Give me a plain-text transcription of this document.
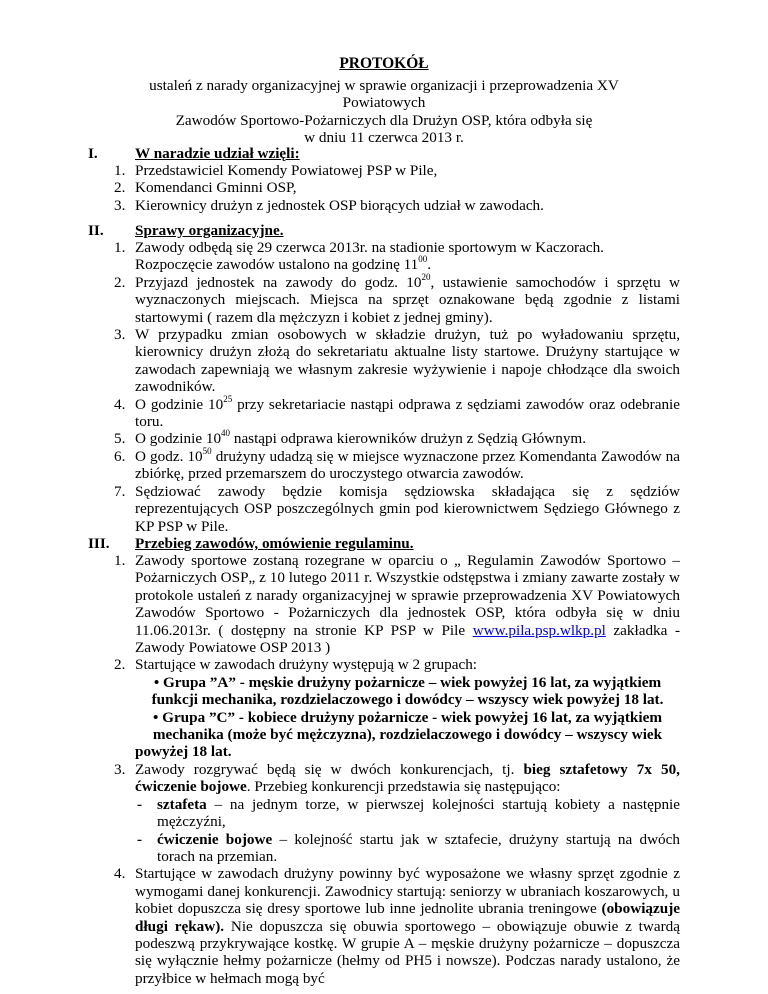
PROTOKÓŁ
ustaleń z narady organizacyjnej w sprawie organizacji i przeprowadzenia XV Powiatowych
Zawodów Sportowo-Pożarniczych dla Drużyn OSP, która odbyła się
w dniu 11 czerwca 2013 r.
I. W naradzie udział wzięli:
1. Przedstawiciel Komendy Powiatowej PSP w Pile,
2. Komendanci Gminni OSP,
3. Kierownicy drużyn z jednostek OSP biorących udział w zawodach.
II. Sprawy organizacyjne.
1. Zawody odbędą się 29 czerwca 2013r. na stadionie sportowym w Kaczorach. Rozpoczęcie zawodów ustalono na godzinę $11^{00}$.
2. Przyjazd jednostek na zawody do godz. $10^{20}$, ustawienie samochodów i sprzętu w wyznaczonych miejscach. Miejsca na sprzęt oznakowane będą zgodnie z listami startowymi ( razem dla mężczyzn i kobiet z jednej gminy).
3. W przypadku zmian osobowych w składzie drużyn, tuż po wyładowaniu sprzętu, kierownicy drużyn złożą do sekretariatu aktualne listy startowe. Drużyny startujące w zawodach zapewniają we własnym zakresie wyżywienie i napoje chłodzące dla swoich zawodników.
4. O godzinie $10^{25}$ przy sekretariacie nastąpi odprawa z sędziami zawodów oraz odebranie toru.
5. O godzinie $10^{40}$ nastąpi odprawa kierowników drużyn z Sędzią Głównym.
6. O godz. $10^{50}$ drużyny udadzą się w miejsce wyznaczone przez Komendanta Zawodów na zbiórkę, przed przemarszem do uroczystego otwarcia zawodów.
7. Sędziować zawody będzie komisja sędziowska składająca się z sędziów reprezentujących OSP poszczególnych gmin pod kierownictwem Sędziego Głównego z KP PSP w Pile.
III. Przebieg zawodów, omówienie regulaminu.
1. Zawody sportowe zostaną rozegrane w oparciu o „ Regulamin Zawodów Sportowo – Pożarniczych OSP„ z 10 lutego 2011 r. Wszystkie odstępstwa i zmiany zawarte zostały w protokole ustaleń z narady organizacyjnej w sprawie przeprowadzenia XV Powiatowych Zawodów Sportowo - Pożarniczych dla jednostek OSP, która odbyła się w dniu 11.06.2013r. ( dostępny na stronie KP PSP w Pile www.pila.psp.wlkp.pl zakładka - Zawody Powiatowe OSP 2013 )
2. Startujące w zawodach drużyny występują w 2 grupach:
• Grupa ”A” - męskie drużyny pożarnicze – wiek powyżej 16 lat, za wyjątkiem
funkcji mechanika, rozdzielaczowego i dowódcy – wszyscy wiek powyżej 18 lat.
• Grupa ”C” - kobiece drużyny pożarnicze - wiek powyżej 16 lat, za wyjątkiem
mechanika (może być mężczyzna), rozdzielaczowego i dowódcy – wszyscy wiek
powyżej 18 lat.
3. Zawody rozgrywać będą się w dwóch konkurencjach, tj. bieg sztafetowy 7x 50, ćwiczenie bojowe. Przebieg konkurencji przedstawia się następująco:
- sztafeta – na jednym torze, w pierwszej kolejności startują kobiety a następnie mężczyźni,
- ćwiczenie bojowe – kolejność startu jak w sztafecie, drużyny startują na dwóch torach na przemian.
4. Startujące w zawodach drużyny powinny być wyposażone we własny sprzęt zgodnie z wymogami danej konkurencji. Zawodnicy startują: seniorzy w ubraniach koszarowych, u kobiet dopuszcza się dresy sportowe lub inne jednolite ubrania treningowe (obowiązuje długi rękaw). Nie dopuszcza się obuwia sportowego – obowiązuje obuwie z twardą podeszwą przykrywające kostkę. W grupie A – męskie drużyny pożarnicze – dopuszcza się wyłącznie hełmy pożarnicze (hełmy od PH5 i nowsze). Podczas narady ustalono, że przyłbice w hełmach mogą być
